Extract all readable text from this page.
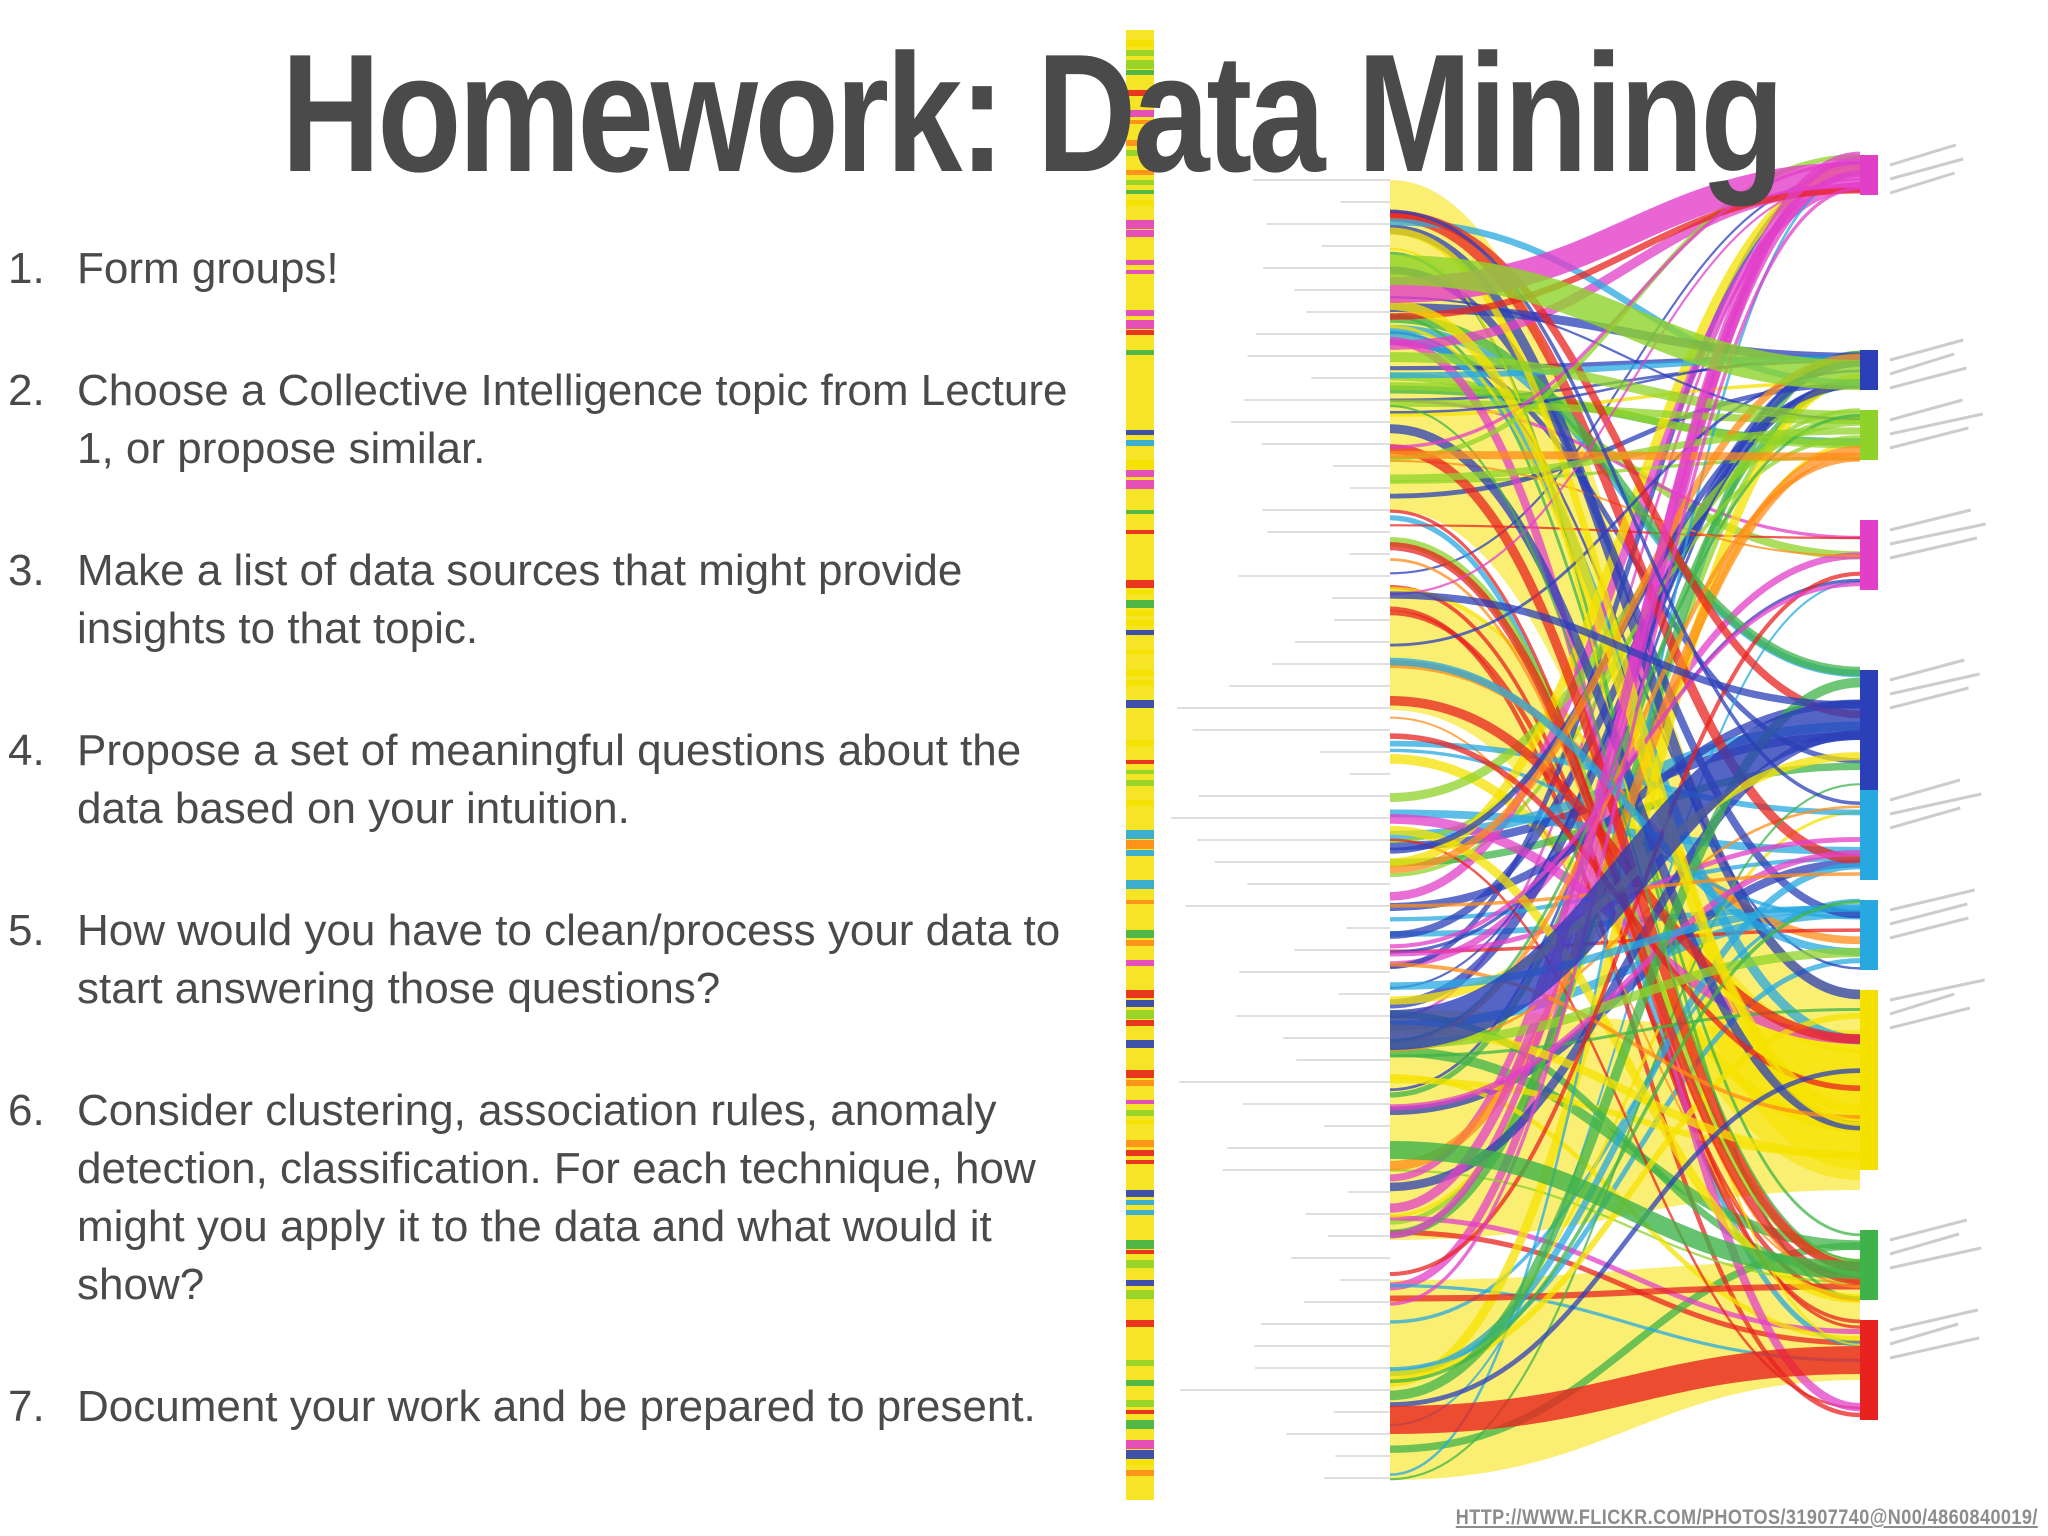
Homework: Data Mining
1. Form groups!
2. Choose a Collective Intelligence topic from Lecture 1, or propose similar.
3. Make a list of data sources that might provide insights to that topic.
4. Propose a set of meaningful questions about the data based on your intuition.
5. How would you have to clean/process your data to start answering those questions?
6. Consider clustering, association rules, anomaly detection, classification. For each technique, how might you apply it to the data and what would it show?
7. Document your work and be prepared to present.
HTTP://WWW.FLICKR.COM/PHOTOS/31907740@N00/4860840019/
